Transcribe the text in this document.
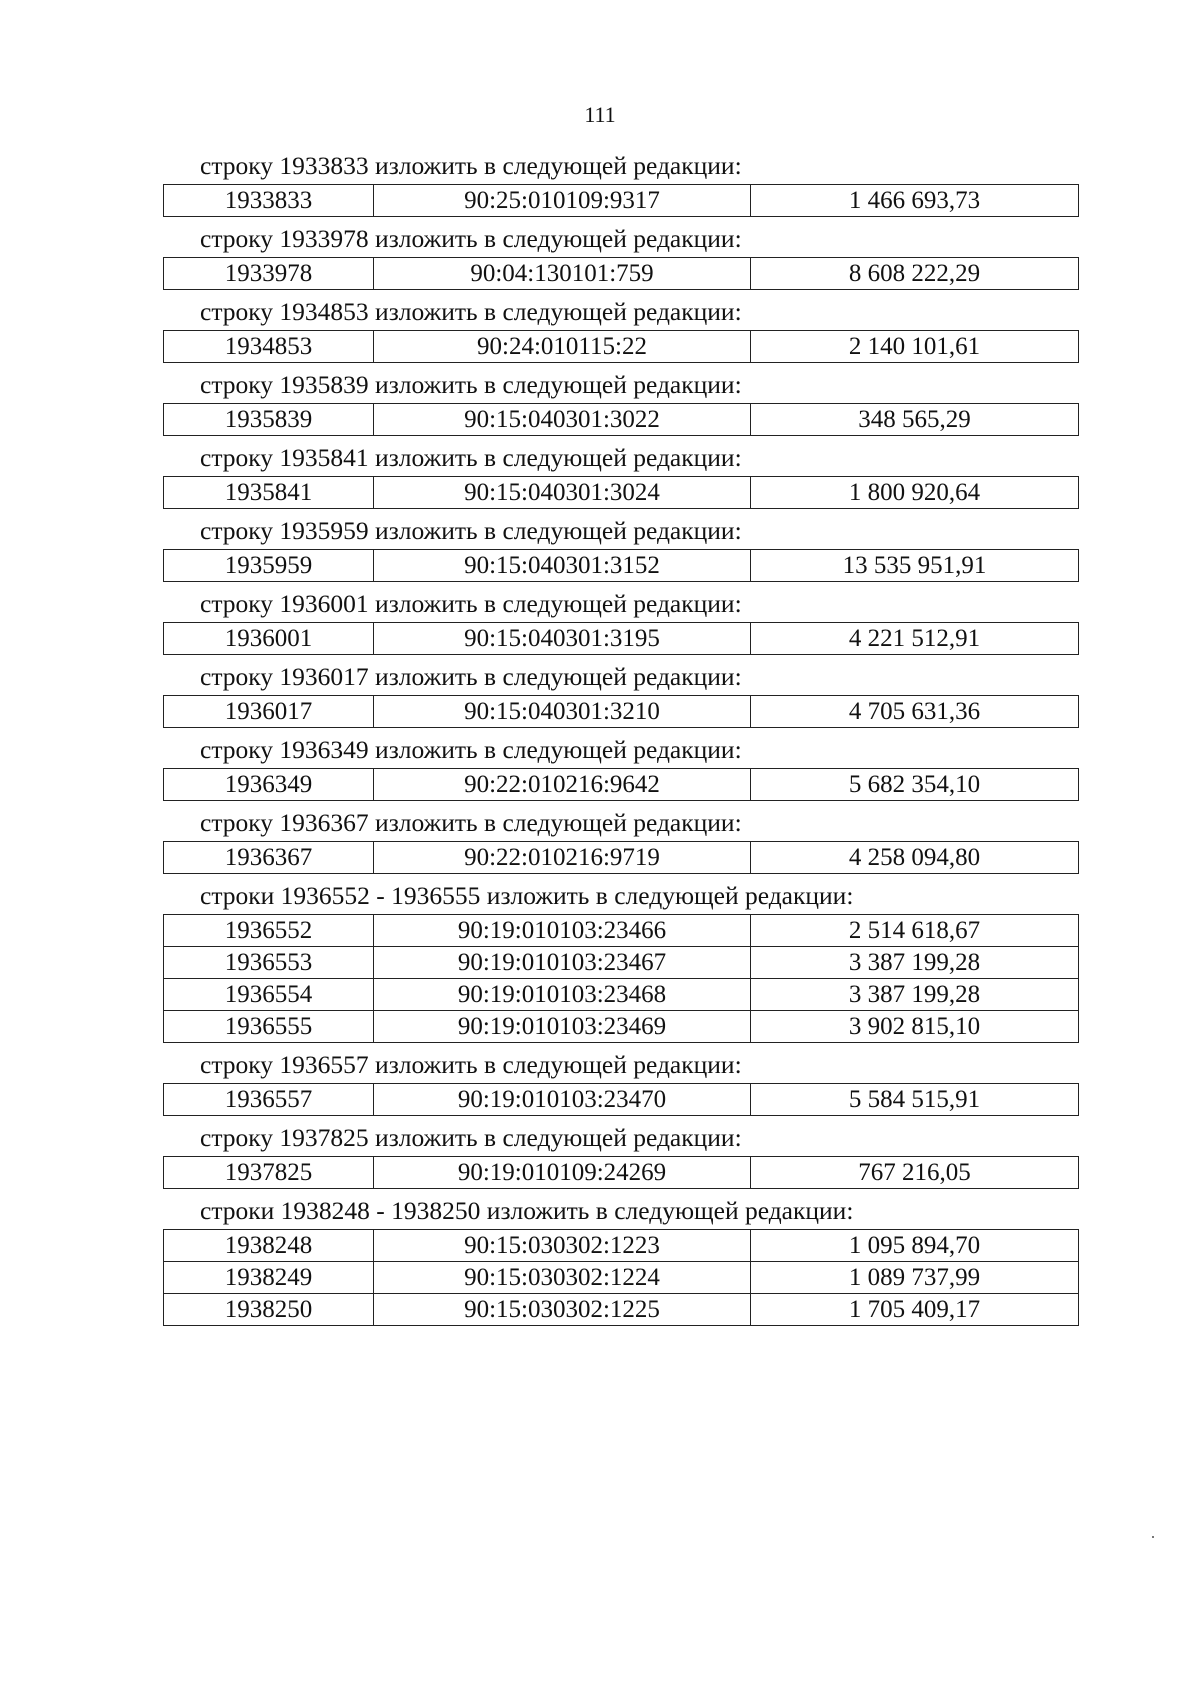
111
строку 1933833 изложить в следующей редакции:
1933833	90:25:010109:9317	1 466 693,73
строку 1933978 изложить в следующей редакции:
1933978	90:04:130101:759	8 608 222,29
строку 1934853 изложить в следующей редакции:
1934853	90:24:010115:22	2 140 101,61
строку 1935839 изложить в следующей редакции:
1935839	90:15:040301:3022	348 565,29
строку 1935841 изложить в следующей редакции:
1935841	90:15:040301:3024	1 800 920,64
строку 1935959 изложить в следующей редакции:
1935959	90:15:040301:3152	13 535 951,91
строку 1936001 изложить в следующей редакции:
1936001	90:15:040301:3195	4 221 512,91
строку 1936017 изложить в следующей редакции:
1936017	90:15:040301:3210	4 705 631,36
строку 1936349 изложить в следующей редакции:
1936349	90:22:010216:9642	5 682 354,10
строку 1936367 изложить в следующей редакции:
1936367	90:22:010216:9719	4 258 094,80
строки 1936552 - 1936555 изложить в следующей редакции:
1936552	90:19:010103:23466	2 514 618,67
1936553	90:19:010103:23467	3 387 199,28
1936554	90:19:010103:23468	3 387 199,28
1936555	90:19:010103:23469	3 902 815,10
строку 1936557 изложить в следующей редакции:
1936557	90:19:010103:23470	5 584 515,91
строку 1937825 изложить в следующей редакции:
1937825	90:19:010109:24269	767 216,05
строки 1938248 - 1938250 изложить в следующей редакции:
1938248	90:15:030302:1223	1 095 894,70
1938249	90:15:030302:1224	1 089 737,99
1938250	90:15:030302:1225	1 705 409,17
